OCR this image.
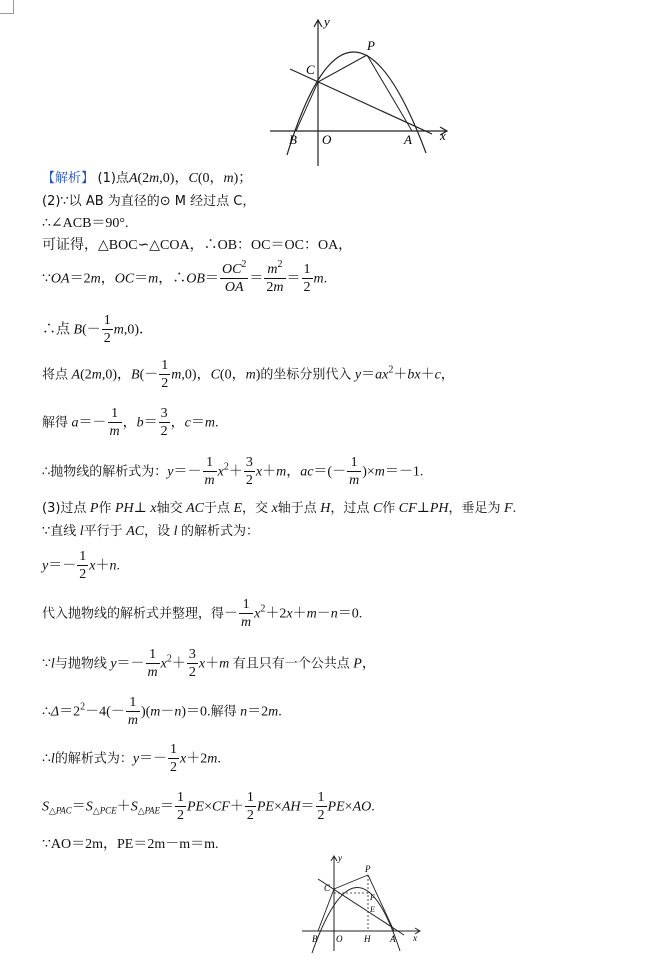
y
x
C
P
B O	A
【解析】 (1)点A(2m,0)，C(0，m)；
(2)∵以 AB 为直径的⊙ M 经过点 C，
∴∠ACB＝90°.
可证得，△BOC∽△COA，∴OB：OC＝OC：OA，
∵OA＝2m，OC＝m，∴OB＝ $\frac{OC^2}{OA} = \frac{m^2}{2m} = \frac{1}{2} m$.
∴点 $B(- \frac{1}{2} m,0)$．
将点 A(2m,0)，$B(- \frac{1}{2} m,0)$，C(0，m)的坐标分别代入 $y=ax^2+bx+c$，
解得 $a=- \frac{1}{m}$ ，$b= \frac{3}{2}$ ，c＝m.
∴抛物线的解析式为：$y=- \frac{1}{m} x^2+ \frac{3}{2} x+m$，$ac=(- \frac{1}{m} )\times m=-1$.
(3)过点 P作 PH⊥ x轴交 AC于点 E，交 x轴于点 H，过点 C作 CF⊥PH，垂足为 F.
∵直线 l平行于 AC，设 l 的解析式为：
$y=- \frac{1}{2} x+n$.
代入抛物线的解析式并整理，得－ $\frac{1}{m} x^2+2x+m-n=0$.
∵l与抛物线 $y=- \frac{1}{m} x^2+ \frac{3}{2} x+m$ 有且只有一个公共点 P，
$\therefore\Delta=2^2-4(- \frac{1}{m} )(m-n)=0$.解得 n＝2m.
∴l的解析式为：$y=- \frac{1}{2} x+2m$.
$S_{\triangle PAC}=S_{\triangle PCE}+S_{\triangle PAE}= \frac{1}{2} PE\times CF+ \frac{1}{2} PE\times AH= \frac{1}{2} PE\times AO$.
∵AO＝2m，PE＝2m－m＝m.
y
P
C
F
E
B O H A x
